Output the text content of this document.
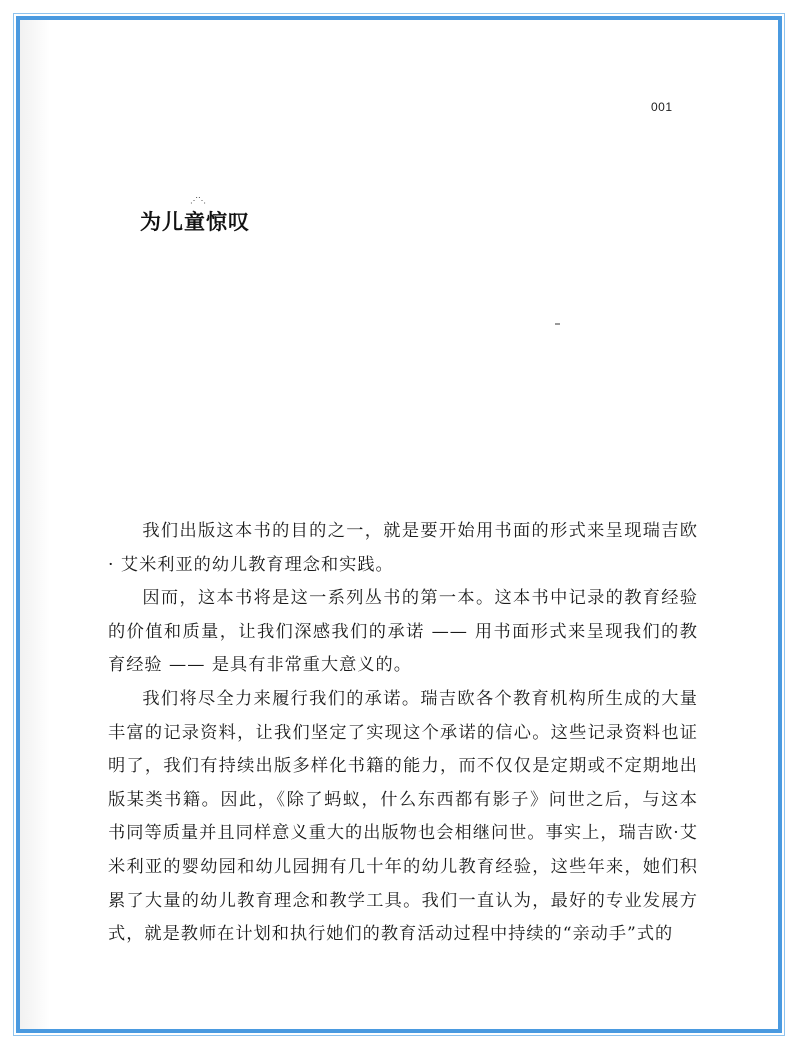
001
⋰⋱
为儿童惊叹

我们出版这本书的目的之一，就是要开始用书面的形式来呈现瑞吉欧 · 艾米利亚的幼儿教育理念和实践。

因而，这本书将是这一系列丛书的第一本。这本书中记录的教育经验的价值和质量，让我们深感我们的承诺 —— 用书面形式来呈现我们的教育经验 —— 是具有非常重大意义的。

我们将尽全力来履行我们的承诺。瑞吉欧各个教育机构所生成的大量丰富的记录资料，让我们坚定了实现这个承诺的信心。这些记录资料也证明了，我们有持续出版多样化书籍的能力，而不仅仅是定期或不定期地出版某类书籍。因此，《除了蚂蚁，什么东西都有影子》问世之后，与这本书同等质量并且同样意义重大的出版物也会相继问世。事实上，瑞吉欧·艾米利亚的婴幼园和幼儿园拥有几十年的幼儿教育经验，这些年来，她们积累了大量的幼儿教育理念和教学工具。我们一直认为，最好的专业发展方式，就是教师在计划和执行她们的教育活动过程中持续的“亲动手”式的
